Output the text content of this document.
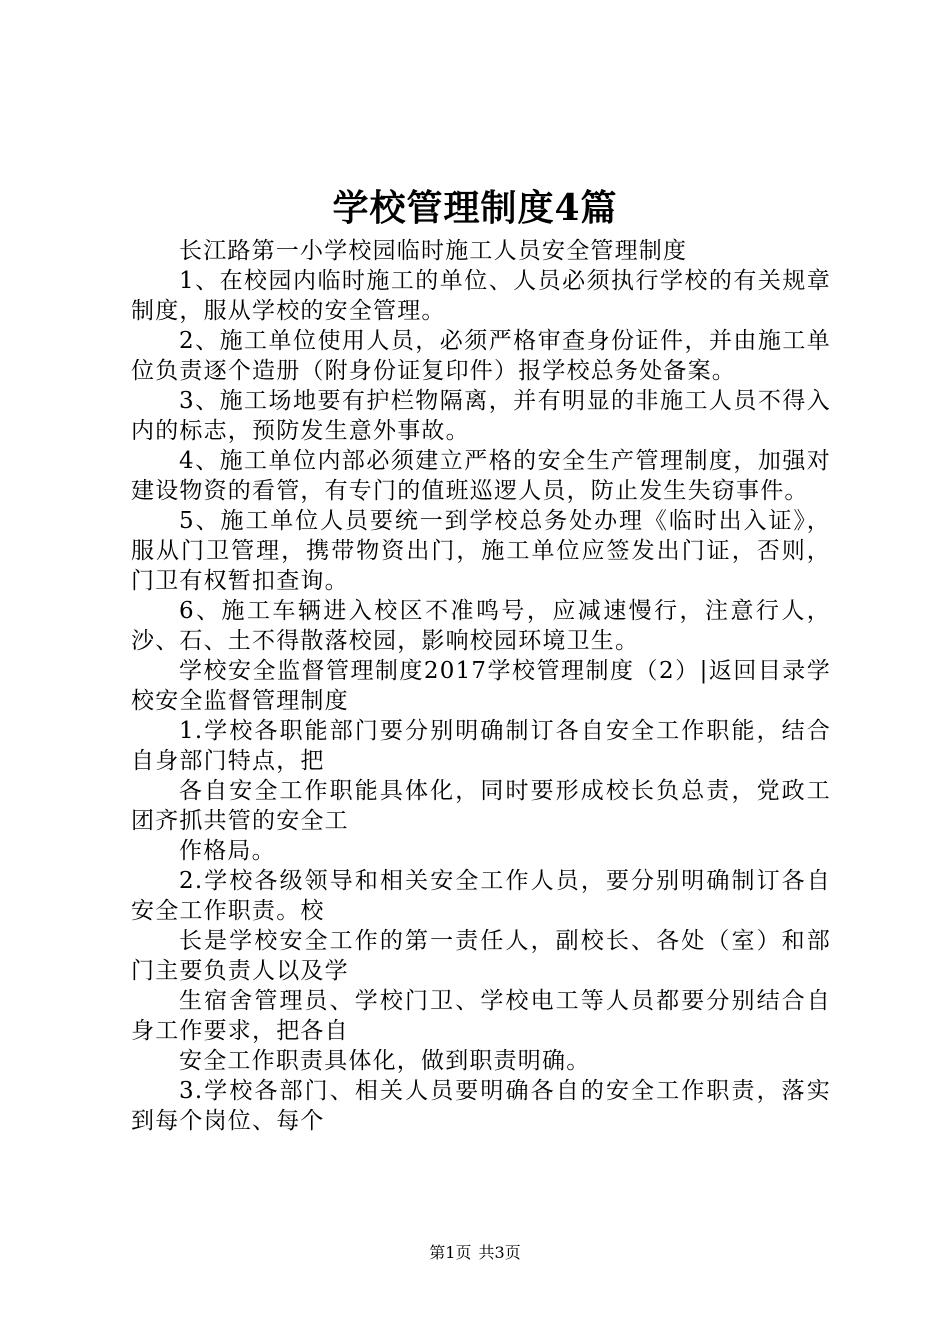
学校管理制度4篇

长江路第一小学校园临时施工人员安全管理制度

1、在校园内临时施工的单位、人员必须执行学校的有关规章制度，服从学校的安全管理。

2、施工单位使用人员，必须严格审查身份证件，并由施工单位负责逐个造册（附身份证复印件）报学校总务处备案。

3、施工场地要有护栏物隔离，并有明显的非施工人员不得入内的标志，预防发生意外事故。

4、施工单位内部必须建立严格的安全生产管理制度，加强对建设物资的看管，有专门的值班巡逻人员，防止发生失窃事件。

5、施工单位人员要统一到学校总务处办理《临时出入证》，服从门卫管理，携带物资出门，施工单位应签发出门证，否则，门卫有权暂扣查询。

6、施工车辆进入校区不准鸣号，应减速慢行，注意行人，沙、石、土不得散落校园，影响校园环境卫生。

学校安全监督管理制度2017学校管理制度（2）|返回目录学校安全监督管理制度

1.学校各职能部门要分别明确制订各自安全工作职能，结合自身部门特点，把

各自安全工作职能具体化，同时要形成校长负总责，党政工团齐抓共管的安全工

作格局。

2.学校各级领导和相关安全工作人员，要分别明确制订各自安全工作职责。校

长是学校安全工作的第一责任人，副校长、各处（室）和部门主要负责人以及学

生宿舍管理员、学校门卫、学校电工等人员都要分别结合自身工作要求，把各自

安全工作职责具体化，做到职责明确。

3.学校各部门、相关人员要明确各自的安全工作职责，落实到每个岗位、每个

第1页 共3页
